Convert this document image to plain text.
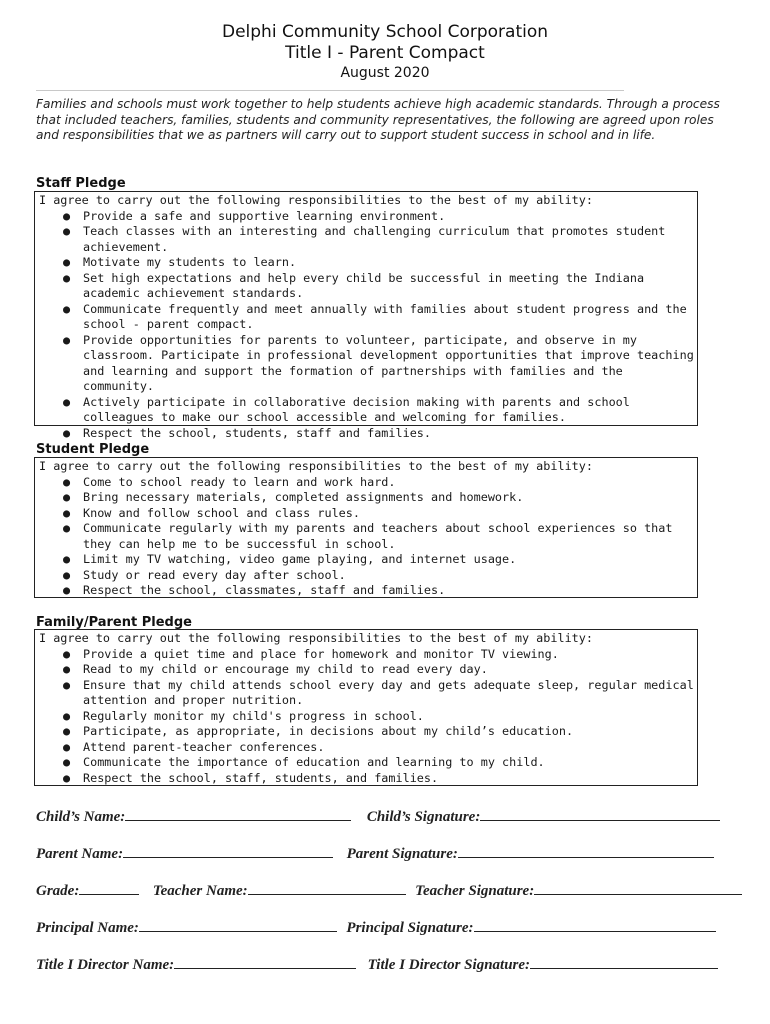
Delphi Community School Corporation
Title I - Parent Compact
August 2020
Families and schools must work together to help students achieve high academic standards. Through a process that included teachers, families, students and community representatives, the following are agreed upon roles and responsibilities that we as partners will carry out to support student success in school and in life.
Staff Pledge

I agree to carry out the following responsibilities to the best of my ability:

● Provide a safe and supportive learning environment.
● Teach classes with an interesting and challenging curriculum that promotes student achievement.
● Motivate my students to learn.
● Set high expectations and help every child be successful in meeting the Indiana academic achievement standards.
● Communicate frequently and meet annually with families about student progress and the school - parent compact.
● Provide opportunities for parents to volunteer, participate, and observe in my classroom. Participate in professional development opportunities that improve teaching and learning and support the formation of partnerships with families and the community.
● Actively participate in collaborative decision making with parents and school colleagues to make our school accessible and welcoming for families.
● Respect the school, students, staff and families.
Student Pledge

I agree to carry out the following responsibilities to the best of my ability:

● Come to school ready to learn and work hard.
● Bring necessary materials, completed assignments and homework.
● Know and follow school and class rules.
● Communicate regularly with my parents and teachers about school experiences so that they can help me to be successful in school.
● Limit my TV watching, video game playing, and internet usage.
● Study or read every day after school.
● Respect the school, classmates, staff and families.
Family/Parent Pledge

I agree to carry out the following responsibilities to the best of my ability:

● Provide a quiet time and place for homework and monitor TV viewing.
● Read to my child or encourage my child to read every day.
● Ensure that my child attends school every day and gets adequate sleep, regular medical attention and proper nutrition.
● Regularly monitor my child's progress in school.
● Participate, as appropriate, in decisions about my child’s education.
● Attend parent-teacher conferences.
● Communicate the importance of education and learning to my child.
● Respect the school, staff, students, and families.
Child’s Name:	Child’s Signature:
Parent Name:	Parent Signature:
Grade:	Teacher Name:	Teacher Signature:
Principal Name:	Principal Signature:
Title I Director Name:	Title I Director Signature:
